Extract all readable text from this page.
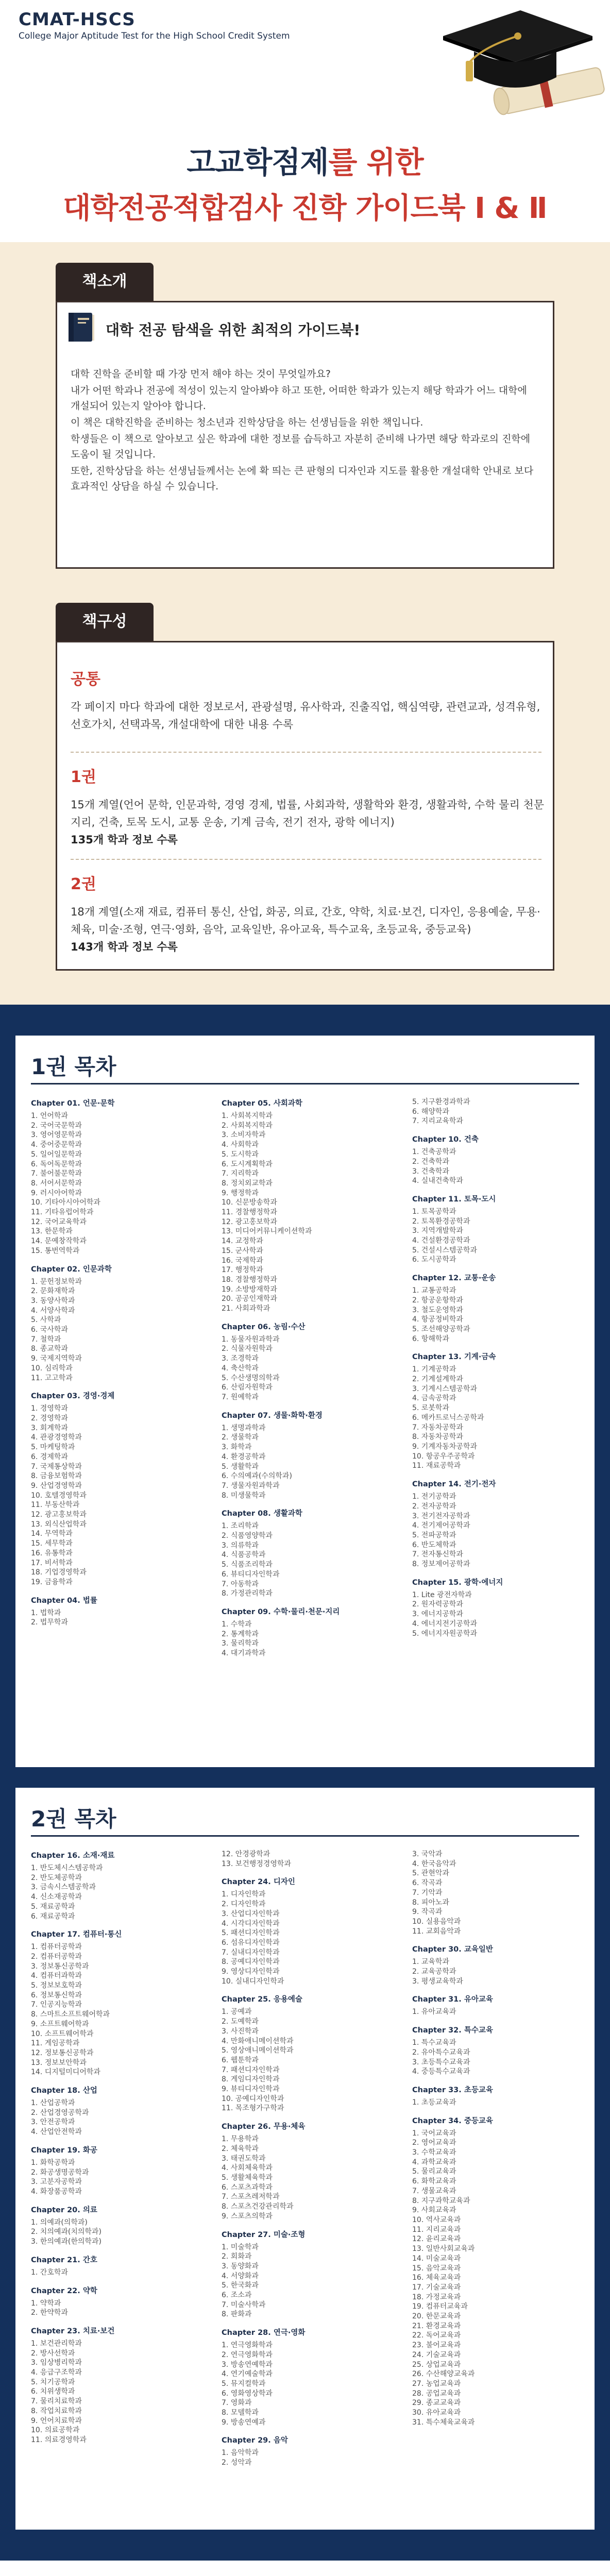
CMAT-HSCS
College Major Aptitude Test for the High School Credit System
고교학점제를 위한
대학전공적합검사 진학 가이드북 Ⅰ & Ⅱ
책소개
대학 전공 탐색을 위한 최적의 가이드북!

대학 진학을 준비할 때 가장 먼저 해야 하는 것이 무엇일까요?

내가 어떤 학과나 전공에 적성이 있는지 알아봐야 하고 또한, 어떠한 학과가 있는지 해당 학과가 어느 대학에 개설되어 있는지 알아야 합니다.

이 책은 대학진학을 준비하는 청소년과 진학상담을 하는 선생님들을 위한 책입니다.

학생들은 이 책으로 알아보고 싶은 학과에 대한 정보를 습득하고 자분히 준비해 나가면 해당 학과로의 진학에 도움이 될 것입니다.

또한, 진학상담을 하는 선생님들께서는 논에 확 띄는 큰 판형의 디자인과 지도를 활용한 개설대학 안내로 보다 효과적인 상담을 하실 수 있습니다.

책구성
공통
각 페이지 마다 학과에 대한 정보로서, 관광설명, 유사학과, 진출직업, 핵심역량, 관련교과, 성격유형, 선호가치, 선택과목, 개설대학에 대한 내용 수록
1권
15개 계열(언어 문학, 인문과학, 경영 경제, 법률, 사회과학, 생활학와 환경, 생활과학, 수학 물리 천문 지리, 건축, 토목 도시, 교통 운송, 기계 금속, 전기 전자, 광학 에너지)
135개 학과 정보 수록
2권
18개 계열(소재 재료, 컴퓨터 통신, 산업, 화공, 의료, 간호, 약학, 치료·보건, 디자인, 응용예술, 무용·체육, 미술·조형, 연극·영화, 음악, 교육일반, 유아교육, 특수교육, 초등교육, 중등교육)
143개 학과 정보 수록
1권 목차
Chapter 01. 언문·문학
1. 언어학과
2. 국어국문학과
3. 영어영문학과
4. 중어중문학과
5. 일어일문학과
6. 독어독문학과
7. 불어불문학과
8. 서어서문학과
9. 러시아어학과
10. 기타아시아어학과
11. 기타유럽어학과
12. 국어교육학과
13. 한문학과
14. 문예창작학과
15. 통번역학과
Chapter 02. 인문과학
1. 문헌정보학과
2. 문화재학과
3. 동양사학과
4. 서양사학과
5. 사학과
6. 국사학과
7. 철학과
8. 종교학과
9. 국제지역학과
10. 심리학과
11. 고고학과
Chapter 03. 경영·경제
1. 경영학과
2. 경영학과
3. 회계학과
4. 관광경영학과
5. 마케팅학과
6. 경제학과
7. 국제통상학과
8. 금융보험학과
9. 산업경영학과
10. 호텔경영학과
11. 부동산학과
12. 광고홍보학과
13. 외식산업학과
14. 무역학과
15. 세무학과
16. 유통학과
17. 비서학과
18. 기업경영학과
19. 금융학과
Chapter 04. 법률
1. 법학과
2. 법무학과
Chapter 05. 사회과학
1. 사회복지학과
2. 사회복지학과
3. 소비자학과
4. 사회학과
5. 도시학과
6. 도시계획학과
7. 지리학과
8. 정치외교학과
9. 행정학과
10. 신문방송학과
11. 경찰행정학과
12. 광고홍보학과
13. 미디어커뮤니케이션학과
14. 교정학과
15. 군사학과
16. 국제학과
17. 행정학과
18. 경찰행정학과
19. 소방방재학과
20. 공공인재학과
21. 사회과학과
Chapter 06. 농림·수산
1. 동물자원과학과
2. 식물자원학과
3. 조경학과
4. 축산학과
5. 수산생명의학과
6. 산림자원학과
7. 원예학과
Chapter 07. 생물·화학·환경
1. 생명과학과
2. 생물학과
3. 화학과
4. 환경공학과
5. 생활학과
6. 수의예과(수의학과)
7. 생물자원과학과
8. 미생물학과
Chapter 08. 생활과학
1. 조리학과
2. 식품영양학과
3. 의류학과
4. 식품공학과
5. 식품조리학과
6. 뷰티디자인학과
7. 아동학과
8. 가정관리학과
Chapter 09. 수학·물리·천문·지리
1. 수학과
2. 통계학과
3. 물리학과
4. 대기과학과
5. 지구환경과학과
6. 해양학과
7. 지리교육학과
Chapter 10. 건축
1. 건축공학과
2. 건축학과
3. 건축학과
4. 실내건축학과
Chapter 11. 토목·도시
1. 토목공학과
2. 토목환경공학과
3. 지역개발학과
4. 건설환경공학과
5. 건설시스템공학과
6. 도시공학과
Chapter 12. 교통·운송
1. 교통공학과
2. 항공운항학과
3. 철도운영학과
4. 항공정비학과
5. 조선해양공학과
6. 항해학과
Chapter 13. 기계·금속
1. 기계공학과
2. 기계설계학과
3. 기계시스템공학과
4. 금속공학과
5. 로봇학과
6. 메카트로닉스공학과
7. 자동차공학과
8. 자동차공학과
9. 기계자동차공학과
10. 항공우주공학과
11. 재료공학과
Chapter 14. 전기·전자
1. 전기공학과
2. 전자공학과
3. 전기전자공학과
4. 전기제어공학과
5. 전파공학과
6. 반도체학과
7. 전자통신학과
8. 정보제어공학과
Chapter 15. 광학·에너지
1. Lite 광전자학과
2. 원자력공학과
3. 에너지공학과
4. 에너지전기공학과
5. 에너지자원공학과
2권 목차
Chapter 16. 소재·재료
1. 반도체시스템공학과
2. 반도체공학과
3. 금속시스템공학과
4. 신소재공학과
5. 재료공학과
6. 재료공학과
Chapter 17. 컴퓨터·통신
1. 컴퓨터공학과
2. 컴퓨터공학과
3. 정보통신공학과
4. 컴퓨터과학과
5. 정보보호학과
6. 정보통신학과
7. 인공지능학과
8. 스마트소프트웨어학과
9. 소프트웨어학과
10. 소프트웨어학과
11. 게임공학과
12. 정보통신공학과
13. 정보보안학과
14. 디지털미디어학과
Chapter 18. 산업
1. 산업공학과
2. 산업경영공학과
3. 안전공학과
4. 산업안전학과
Chapter 19. 화공
1. 화학공학과
2. 화공생명공학과
3. 고분자공학과
4. 화장품공학과
Chapter 20. 의료
1. 의예과(의학과)
2. 치의예과(치의학과)
3. 한의예과(한의학과)
Chapter 21. 간호
1. 간호학과
Chapter 22. 약학
1. 약학과
2. 한약학과
Chapter 23. 치료·보건
1. 보건관리학과
2. 방사선학과
3. 임상병리학과
4. 응급구조학과
5. 치기공학과
6. 치위생학과
7. 물리치료학과
8. 작업치료학과
9. 언어치료학과
10. 의료공학과
11. 의료경영학과
12. 안경광학과
13. 보건행정경영학과
Chapter 24. 디자인
1. 디자인학과
2. 디자인학과
3. 산업디자인학과
4. 시각디자인학과
5. 패션디자인학과
6. 섬유디자인학과
7. 실내디자인학과
8. 공예디자인학과
9. 영상디자인학과
10. 실내디자인학과
Chapter 25. 응용예술
1. 공예과
2. 도예학과
3. 사진학과
4. 만화애니메이션학과
5. 영상애니메이션학과
6. 웹툰학과
7. 패션디자인학과
8. 게임디자인학과
9. 뷰티디자인학과
10. 공예디자인학과
11. 목조형가구학과
Chapter 26. 무용·체육
1. 무용학과
2. 체육학과
3. 태권도학과
4. 사회체육학과
5. 생활체육학과
6. 스포츠과학과
7. 스포츠레저학과
8. 스포츠건강관리학과
9. 스포츠의학과
Chapter 27. 미술·조형
1. 미술학과
2. 회화과
3. 동양화과
4. 서양화과
5. 한국화과
6. 조소과
7. 미술사학과
8. 판화과
Chapter 28. 연극·영화
1. 연극영화학과
2. 연극영화학과
3. 방송연예학과
4. 연기예술학과
5. 뮤지컬학과
6. 영화영상학과
7. 영화과
8. 모델학과
9. 방송연예과
Chapter 29. 음악
1. 음악학과
2. 성악과
3. 국악과
4. 한국음악과
5. 관현악과
6. 작곡과
7. 기악과
8. 피아노과
9. 작곡과
10. 실용음악과
11. 교회음악과
Chapter 30. 교육일반
1. 교육학과
2. 교육공학과
3. 평생교육학과
Chapter 31. 유아교육
1. 유아교육과
Chapter 32. 특수교육
1. 특수교육과
2. 유아특수교육과
3. 초등특수교육과
4. 중등특수교육과
Chapter 33. 초등교육
1. 초등교육과
Chapter 34. 중등교육
1. 국어교육과
2. 영어교육과
3. 수학교육과
4. 과학교육과
5. 물리교육과
6. 화학교육과
7. 생물교육과
8. 지구과학교육과
9. 사회교육과
10. 역사교육과
11. 지리교육과
12. 윤리교육과
13. 일반사회교육과
14. 미술교육과
15. 음악교육과
16. 체육교육과
17. 기술교육과
18. 가정교육과
19. 컴퓨터교육과
20. 한문교육과
21. 환경교육과
22. 독어교육과
23. 불어교육과
24. 기술교육과
25. 상업교육과
26. 수산해양교육과
27. 농업교육과
28. 공업교육과
29. 종교교육과
30. 유아교육과
31. 특수체육교육과
